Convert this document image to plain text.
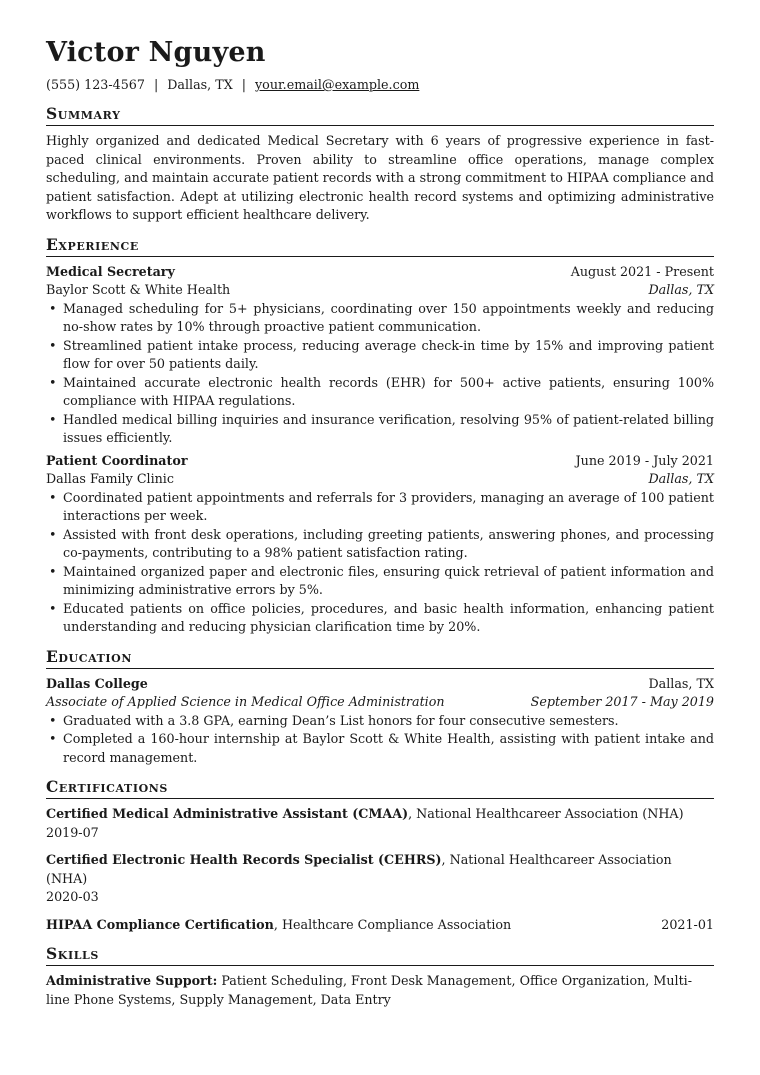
Victor Nguyen
(555) 123-4567 | Dallas, TX | your.email@example.com
Summary

Highly organized and dedicated Medical Secretary with 6 years of progressive experience in fast-paced clinical environments. Proven ability to streamline office operations, manage complex scheduling, and maintain accurate patient records with a strong commitment to HIPAA compliance and patient satisfaction. Adept at utilizing electronic health record systems and optimizing administrative workflows to support efficient healthcare delivery.

Experience
Medical Secretary	August 2021 - Present
Baylor Scott & White Health	Dallas, TX
• Managed scheduling for 5+ physicians, coordinating over 150 appointments weekly and reducing no-show rates by 10% through proactive patient communication.
• Streamlined patient intake process, reducing average check-in time by 15% and improving patient flow for over 50 patients daily.
• Maintained accurate electronic health records (EHR) for 500+ active patients, ensuring 100% compliance with HIPAA regulations.
• Handled medical billing inquiries and insurance verification, resolving 95% of patient-related billing issues efficiently.
Patient Coordinator	June 2019 - July 2021
Dallas Family Clinic	Dallas, TX
• Coordinated patient appointments and referrals for 3 providers, managing an average of 100 patient interactions per week.
• Assisted with front desk operations, including greeting patients, answering phones, and processing co-payments, contributing to a 98% patient satisfaction rating.
• Maintained organized paper and electronic files, ensuring quick retrieval of patient information and minimizing administrative errors by 5%.
• Educated patients on office policies, procedures, and basic health information, enhancing patient understanding and reducing physician clarification time by 20%.
Education
Dallas College	Dallas, TX
Associate of Applied Science in Medical Office Administration	September 2017 - May 2019
• Graduated with a 3.8 GPA, earning Dean’s List honors for four consecutive semesters.
• Completed a 160-hour internship at Baylor Scott & White Health, assisting with patient intake and record management.
Certifications
Certified Medical Administrative Assistant (CMAA), National Healthcareer Association (NHA)
2019-07
Certified Electronic Health Records Specialist (CEHRS), National Healthcareer Association (NHA)
2020-03
HIPAA Compliance Certification, Healthcare Compliance Association	2021-01
Skills
Administrative Support: Patient Scheduling, Front Desk Management, Office Organization, Multi-line Phone Systems, Supply Management, Data Entry
